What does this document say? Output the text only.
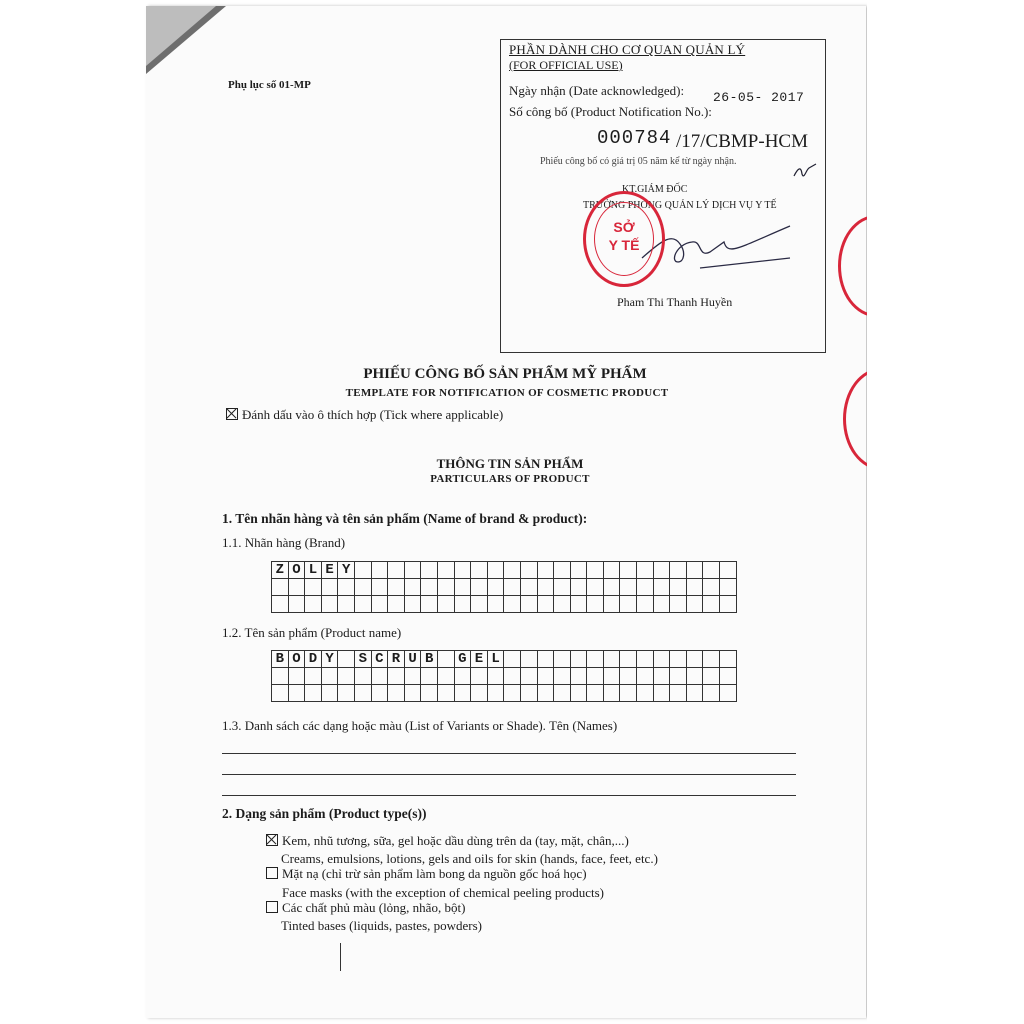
Phụ lục số 01-MP
PHẦN DÀNH CHO CƠ QUAN QUẢN LÝ
(FOR OFFICIAL USE)
Ngày nhận (Date acknowledged): 26-05- 2017
Số công bố (Product Notification No.):
000784 /17/CBMP-HCM
Phiếu công bố có giá trị 05 năm kể từ ngày nhận.
KT.GIÁM ĐỐC
TRƯỞNG PHÒNG QUẢN LÝ DỊCH VỤ Y TẾ
Pham Thi Thanh Huyền
SỞ
Y TẾ
PHIẾU CÔNG BỐ SẢN PHẨM MỸ PHẨM
TEMPLATE FOR NOTIFICATION OF COSMETIC PRODUCT
Đánh dấu vào ô thích hợp (Tick where applicable)
THÔNG TIN SẢN PHẨM
PARTICULARS OF PRODUCT
1. Tên nhãn hàng và tên sản phẩm (Name of brand & product):
1.1. Nhãn hàng (Brand)
Z	O	L	E	Y																							

1.2. Tên sản phẩm (Product name)
B	O	D	Y		S	C	R	U	B		G	E	L														

1.3. Danh sách các dạng hoặc màu (List of Variants or Shade). Tên (Names)
2. Dạng sản phẩm (Product type(s))
Kem, nhũ tương, sữa, gel hoặc dầu dùng trên da (tay, mặt, chân,...)
Creams, emulsions, lotions, gels and oils for skin (hands, face, feet, etc.)
Mặt nạ (chỉ trừ sản phẩm làm bong da nguồn gốc hoá học)
Face masks (with the exception of chemical peeling products)
Các chất phủ màu (lỏng, nhão, bột)
Tinted bases (liquids, pastes, powders)
